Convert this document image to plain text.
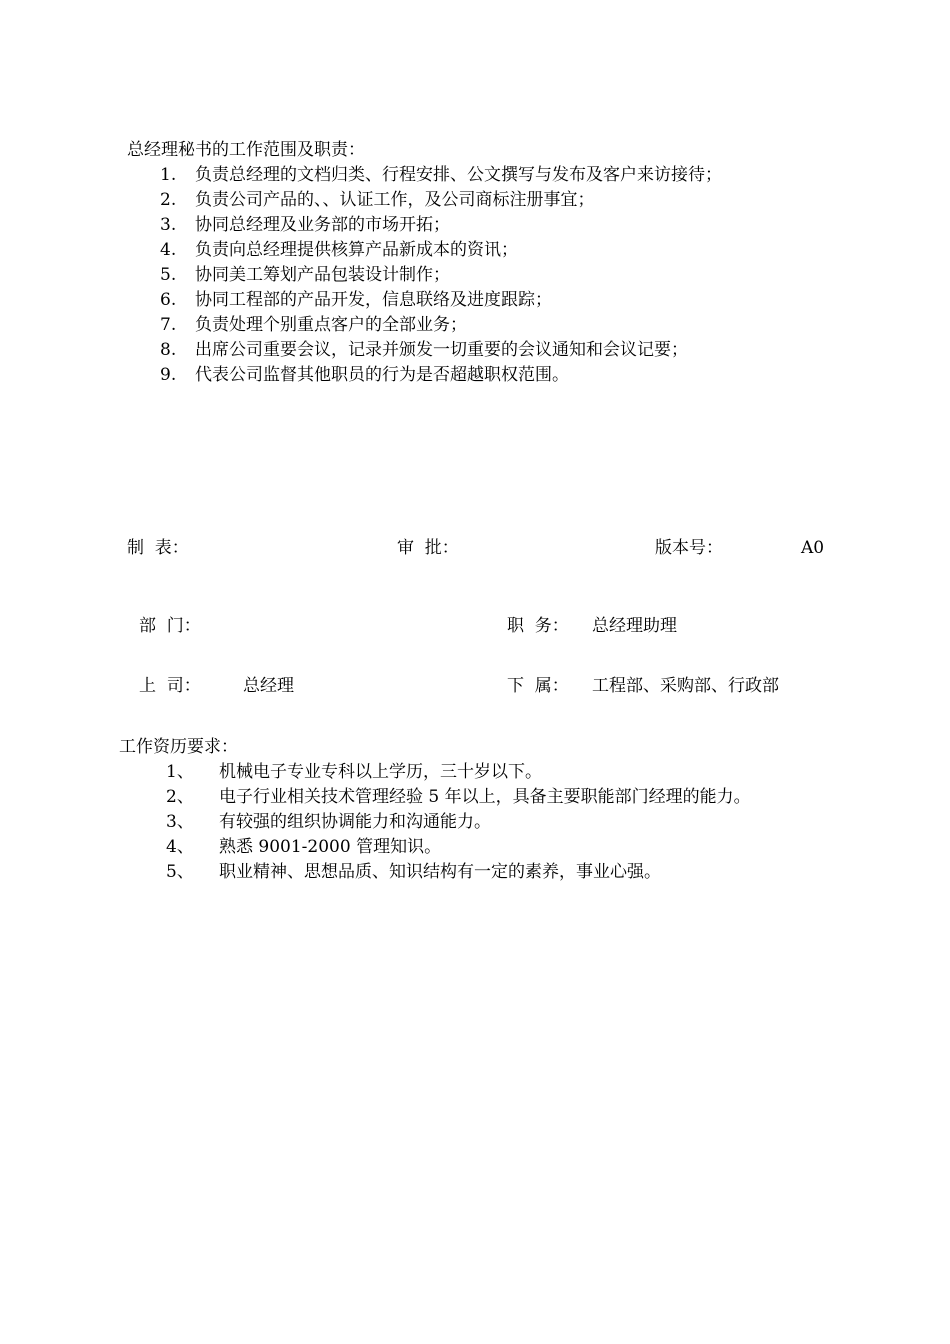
总经理秘书的工作范围及职责：
1. 负责总经理的文档归类、行程安排、公文撰写与发布及客户来访接待；
2. 负责公司产品的、、认证工作，及公司商标注册事宜；
3. 协同总经理及业务部的市场开拓；
4. 负责向总经理提供核算产品新成本的资讯；
5. 协同美工筹划产品包装设计制作；
6. 协同工程部的产品开发，信息联络及进度跟踪；
7. 负责处理个别重点客户的全部业务；
8. 出席公司重要会议，记录并颁发一切重要的会议通知和会议记要；
9. 代表公司监督其他职员的行为是否超越职权范围。
制  表：	审  批：	版本号：	A0
部  门：	职  务： 总经理助理
上  司： 总经理	下  属： 工程部、采购部、行政部
工作资历要求：
1、 机械电子专业专科以上学历，三十岁以下。
2、 电子行业相关技术管理经验 5 年以上，具备主要职能部门经理的能力。
3、 有较强的组织协调能力和沟通能力。
4、 熟悉 9001-2000 管理知识。
5、 职业精神、思想品质、知识结构有一定的素养，事业心强。
